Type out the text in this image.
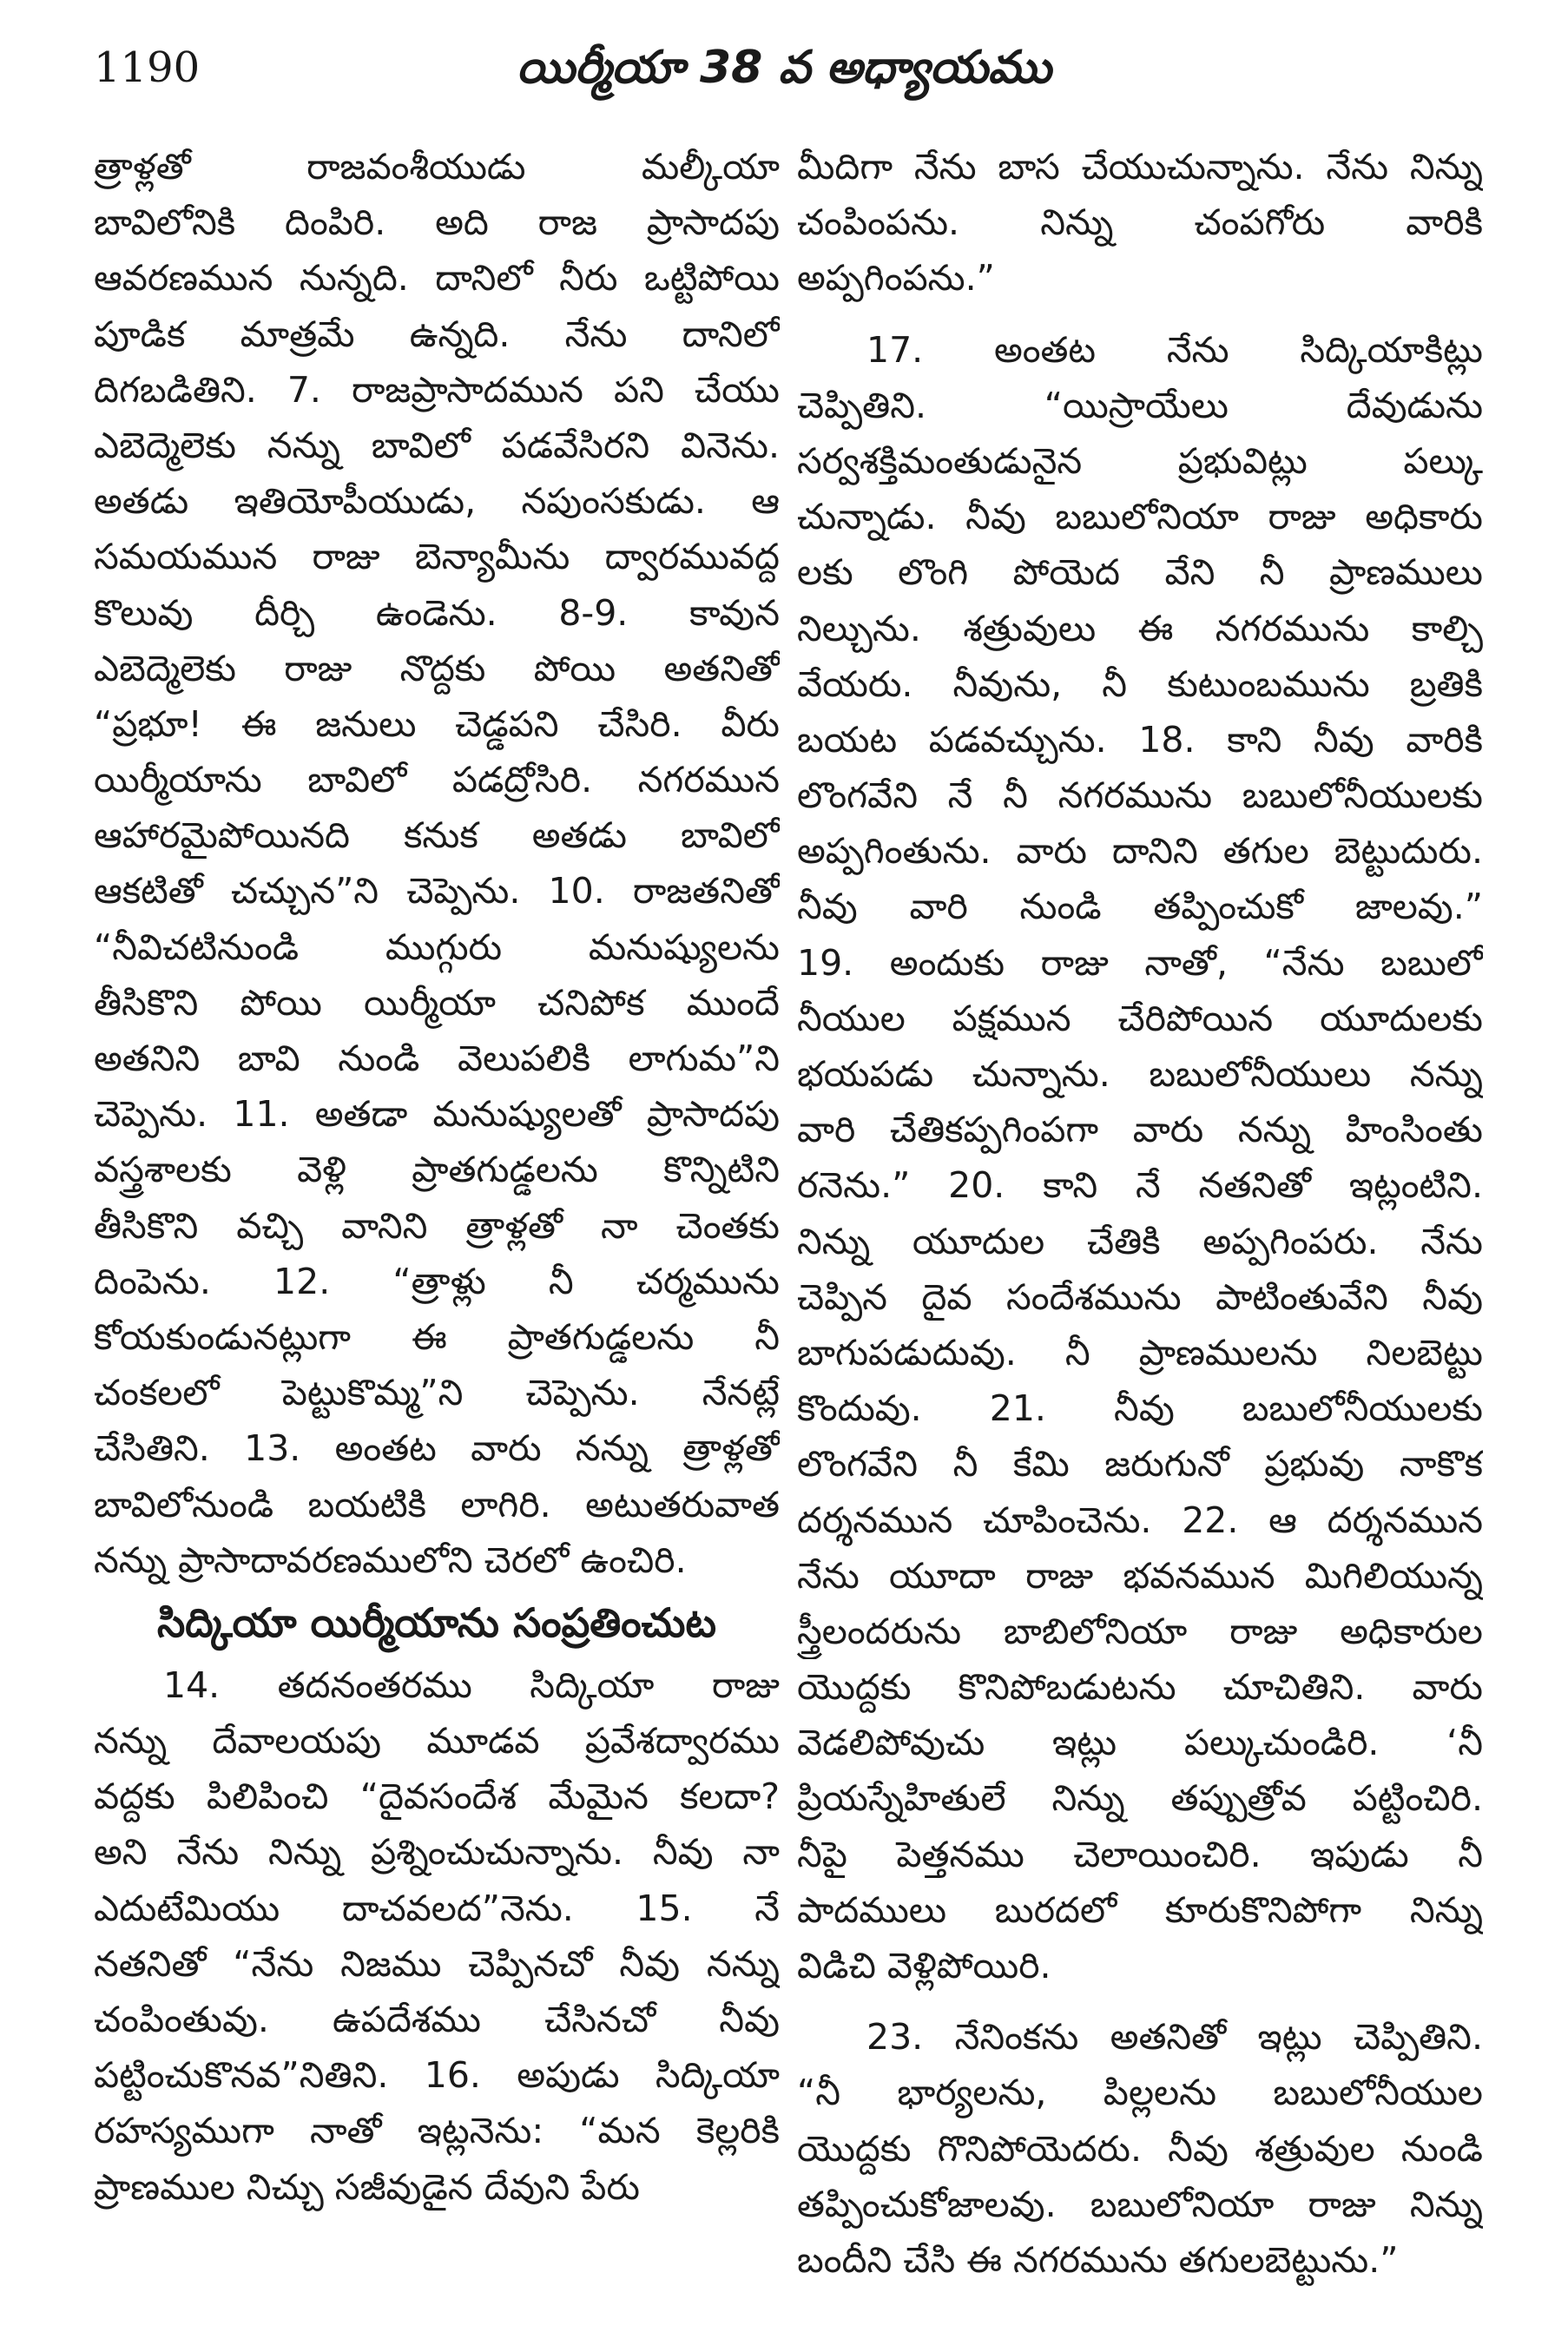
1190	యిర్మీయా 38 వ అధ్యాయము
త్రాళ్లతో రాజవంశీయుడు మల్కీయా
బావిలోనికి దింపిరి. అది రాజ ప్రాసాదపు
ఆవరణమున నున్నది. దానిలో నీరు ఒట్టిపోయి
పూడిక మాత్రమే ఉన్నది. నేను దానిలో
దిగబడితిని. 7. రాజప్రాసాదమున పని చేయు
ఎబెద్మెలెకు నన్ను బావిలో పడవేసిరని వినెను.
అతడు ఇతియోపీయుడు, నపుంసకుడు. ఆ
సమయమున రాజు బెన్యామీను ద్వారమువద్ద
కొలువు దీర్చి ఉండెను. 8-9. కావున
ఎబెద్మెలెకు రాజు నొద్దకు పోయి అతనితో
“ప్రభూ! ఈ జనులు చెడ్డపని చేసిరి. వీరు
యిర్మీయాను బావిలో పడద్రోసిరి. నగరమున
ఆహారమైపోయినది కనుక అతడు బావిలో
ఆకటితో చచ్చున”ని చెప్పెను. 10. రాజతనితో
“నీవిచటినుండి ముగ్గురు మనుష్యులను
తీసికొని పోయి యిర్మీయా చనిపోక ముందే
అతనిని బావి నుండి వెలుపలికి లాగుమ”ని
చెప్పెను. 11. అతడా మనుష్యులతో ప్రాసాదపు
వస్త్రశాలకు వెళ్లి ప్రాతగుడ్డలను కొన్నిటిని
తీసికొని వచ్చి వానిని త్రాళ్లతో నా చెంతకు
దింపెను. 12. “త్రాళ్లు నీ చర్మమును
కోయకుండునట్లుగా ఈ ప్రాతగుడ్డలను నీ
చంకలలో పెట్టుకొమ్మ”ని చెప్పెను. నేనట్లే
చేసితిని. 13. అంతట వారు నన్ను త్రాళ్లతో
బావిలోనుండి బయటికి లాగిరి. అటుతరువాత
నన్ను ప్రాసాదావరణములోని చెరలో ఉంచిరి.
సిద్కియా యిర్మీయాను సంప్రతించుట
14. తదనంతరము సిద్కియా రాజు
నన్ను దేవాలయపు మూడవ ప్రవేశద్వారము
వద్దకు పిలిపించి “దైవసందేశ మేమైన కలదా?
అని నేను నిన్ను ప్రశ్నించుచున్నాను. నీవు నా
ఎదుటేమియు దాచవలద”నెను. 15. నే
నతనితో “నేను నిజము చెప్పినచో నీవు నన్ను
చంపింతువు. ఉపదేశము చేసినచో నీవు
పట్టించుకొనవ”నితిని. 16. అపుడు సిద్కియా
రహస్యముగా నాతో ఇట్లనెను: “మన కెల్లరికి
ప్రాణముల నిచ్చు సజీవుడైన దేవుని పేరు
మీదిగా నేను బాస చేయుచున్నాను. నేను నిన్ను
చంపింపను. నిన్ను చంపగోరు వారికి
అప్పగింపను.”
17. అంతట నేను సిద్కియాకిట్లు
చెప్పితిని. “యిస్రాయేలు దేవుడును
సర్వశక్తిమంతుడునైన ప్రభువిట్లు పల్కు
చున్నాడు. నీవు బబులోనియా రాజు అధికారు
లకు లొంగి పోయెద వేని నీ ప్రాణములు
నిల్చును. శత్రువులు ఈ నగరమును కాల్చి
వేయరు. నీవును, నీ కుటుంబమును బ్రతికి
బయట పడవచ్చును. 18. కాని నీవు వారికి
లొంగవేని నే నీ నగరమును బబులోనీయులకు
అప్పగింతును. వారు దానిని తగుల బెట్టుదురు.
నీవు వారి నుండి తప్పించుకో జాలవు.”
19. అందుకు రాజు నాతో, “నేను బబులో
నీయుల పక్షమున చేరిపోయిన యూదులకు
భయపడు చున్నాను. బబులోనీయులు నన్ను
వారి చేతికప్పగింపగా వారు నన్ను హింసింతు
రనెను.” 20. కాని నే నతనితో ఇట్లంటిని.
నిన్ను యూదుల చేతికి అప్పగింపరు. నేను
చెప్పిన దైవ సందేశమును పాటింతువేని నీవు
బాగుపడుదువు. నీ ప్రాణములను నిలబెట్టు
కొందువు. 21. నీవు బబులోనీయులకు
లొంగవేని నీ కేమి జరుగునో ప్రభువు నాకొక
దర్శనమున చూపించెను. 22. ఆ దర్శనమున
నేను యూదా రాజు భవనమున మిగిలియున్న
స్త్రీలందరును బాబిలోనియా రాజు అధికారుల
యొద్దకు కొనిపోబడుటను చూచితిని. వారు
వెడలిపోవుచు ఇట్లు పల్కుచుండిరి. ‘నీ
ప్రియస్నేహితులే నిన్ను తప్పుత్రోవ పట్టించిరి.
నీపై పెత్తనము చెలాయించిరి. ఇపుడు నీ
పాదములు బురదలో కూరుకొనిపోగా నిన్ను
విడిచి వెళ్లిపోయిరి.
23. నేనింకను అతనితో ఇట్లు చెప్పితిని.
“నీ భార్యలను, పిల్లలను బబులోనీయుల
యొద్దకు గొనిపోయెదరు. నీవు శత్రువుల నుండి
తప్పించుకోజాలవు. బబులోనియా రాజు నిన్ను
బందీని చేసి ఈ నగరమును తగులబెట్టును.”
